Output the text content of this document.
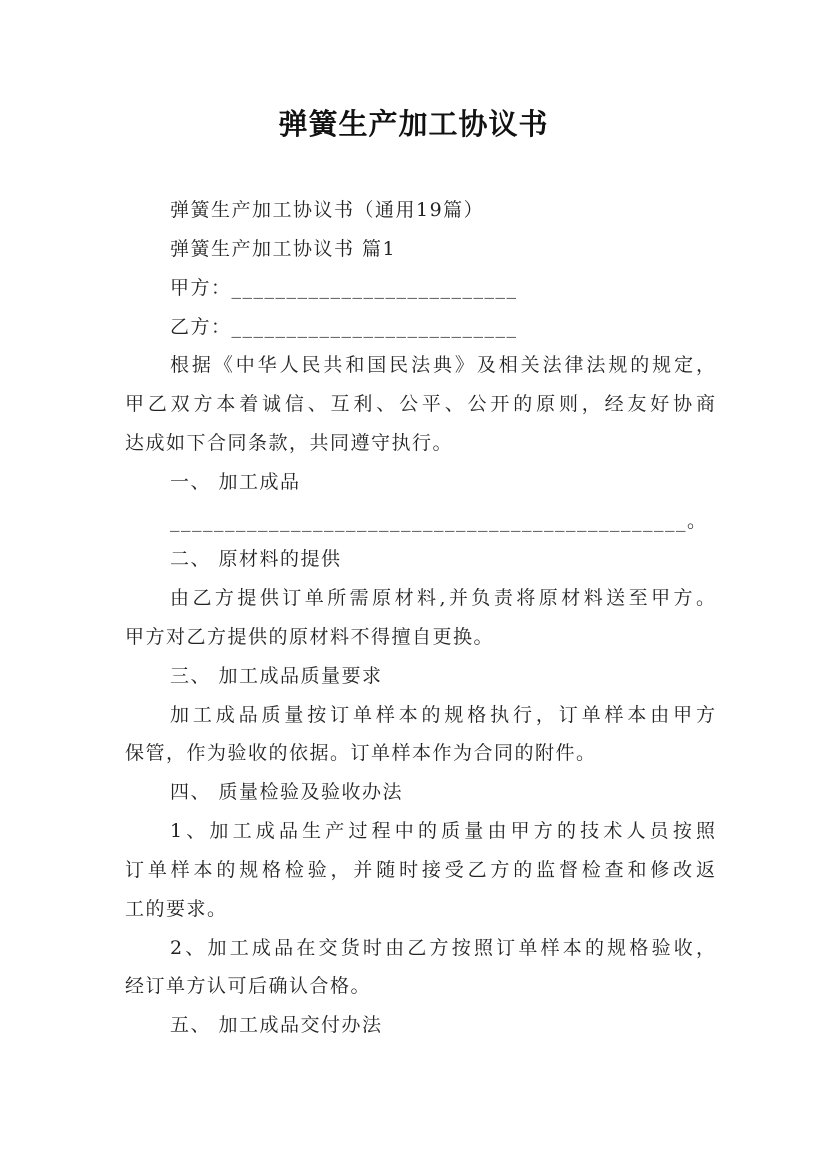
弹簧生产加工协议书
弹簧生产加工协议书（通用19篇）
弹簧生产加工协议书 篇1
甲方：__________________________
乙方：__________________________
根据《中华人民共和国民法典》及相关法律法规的规定，
甲乙双方本着诚信、互利、公平、公开的原则，经友好协商
达成如下合同条款，共同遵守执行。
一、 加工成品
_______________________________________________。
二、 原材料的提供
由乙方提供订单所需原材料,并负责将原材料送至甲方。
甲方对乙方提供的原材料不得擅自更换。
三、 加工成品质量要求
加工成品质量按订单样本的规格执行，订单样本由甲方
保管，作为验收的依据。订单样本作为合同的附件。
四、 质量检验及验收办法
1、加工成品生产过程中的质量由甲方的技术人员按照
订单样本的规格检验，并随时接受乙方的监督检查和修改返
工的要求。
2、加工成品在交货时由乙方按照订单样本的规格验收，
经订单方认可后确认合格。
五、 加工成品交付办法
